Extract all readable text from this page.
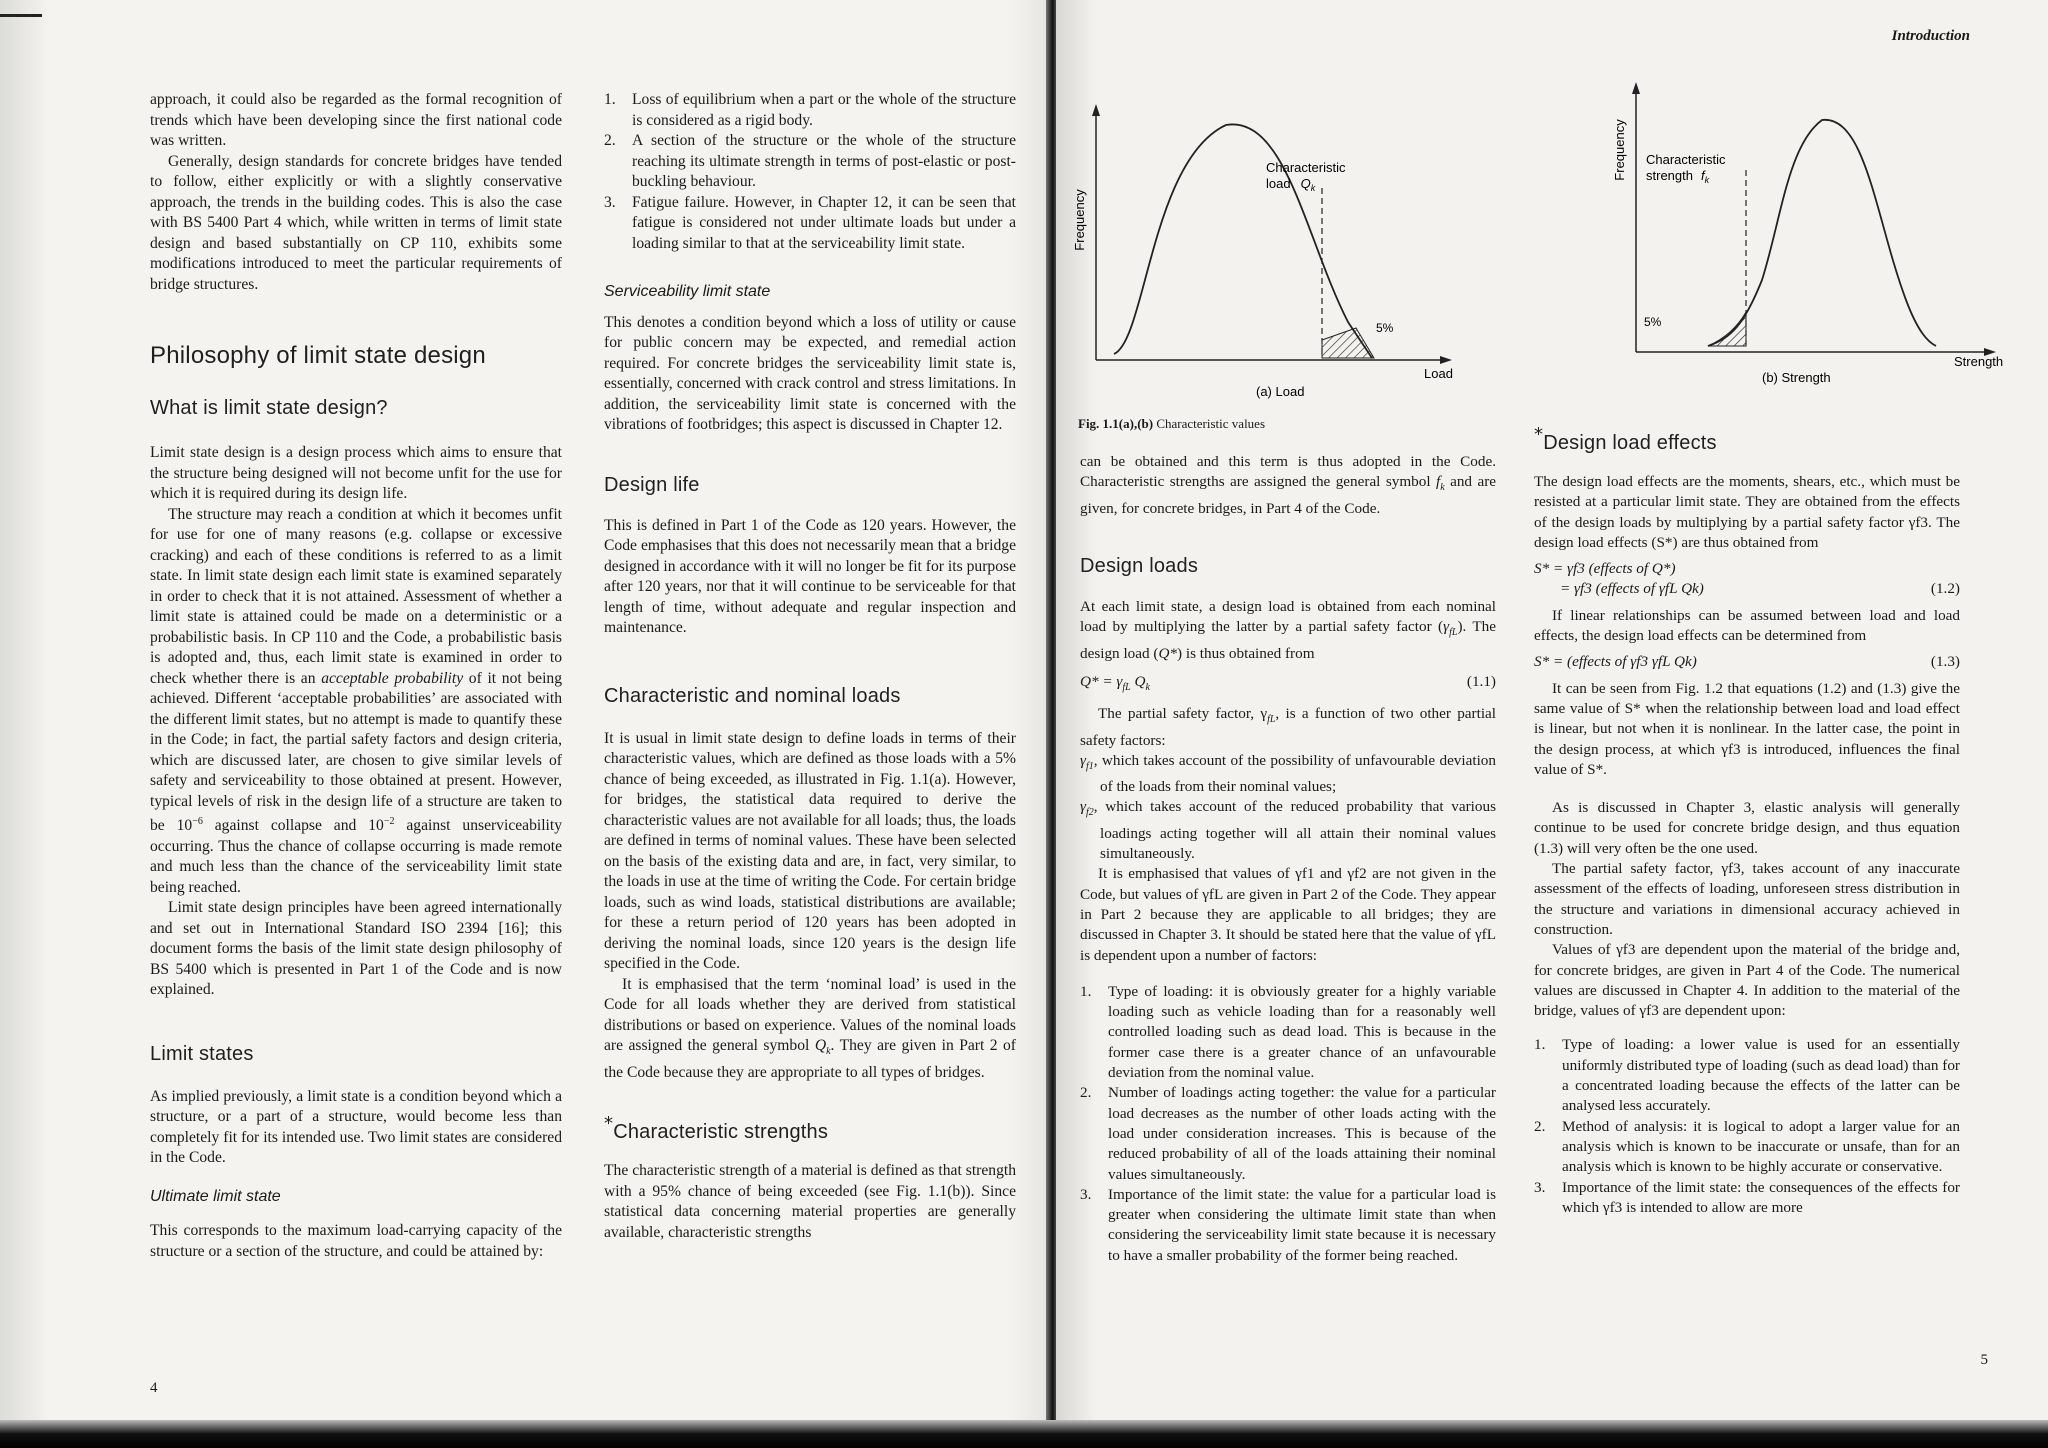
approach, it could also be regarded as the formal recognition of trends which have been developing since the first national code was written.

Generally, design standards for concrete bridges have tended to follow, either explicitly or with a slightly conservative approach, the trends in the building codes. This is also the case with BS 5400 Part 4 which, while written in terms of limit state design and based substantially on CP 110, exhibits some modifications introduced to meet the particular requirements of bridge structures.

Philosophy of limit state design
What is limit state design?

Limit state design is a design process which aims to ensure that the structure being designed will not become unfit for the use for which it is required during its design life.

The structure may reach a condition at which it becomes unfit for use for one of many reasons (e.g. collapse or excessive cracking) and each of these conditions is referred to as a limit state. In limit state design each limit state is examined separately in order to check that it is not attained. Assessment of whether a limit state is attained could be made on a deterministic or a probabilistic basis. In CP 110 and the Code, a probabilistic basis is adopted and, thus, each limit state is examined in order to check whether there is an acceptable probability of it not being achieved. Different ‘acceptable probabilities’ are associated with the different limit states, but no attempt is made to quantify these in the Code; in fact, the partial safety factors and design criteria, which are discussed later, are chosen to give similar levels of safety and serviceability to those obtained at present. However, typical levels of risk in the design life of a structure are taken to be $10^{-6}$ against collapse and $10^{-2}$ against unserviceability occurring. Thus the chance of collapse occurring is made remote and much less than the chance of the serviceability limit state being reached.

Limit state design principles have been agreed internationally and set out in International Standard ISO 2394 [16]; this document forms the basis of the limit state design philosophy of BS 5400 which is presented in Part 1 of the Code and is now explained.

Limit states

As implied previously, a limit state is a condition beyond which a structure, or a part of a structure, would become less than completely fit for its intended use. Two limit states are considered in the Code.

Ultimate limit state

This corresponds to the maximum load-carrying capacity of the structure or a section of the structure, and could be attained by:

1. Loss of equilibrium when a part or the whole of the structure is considered as a rigid body.
2. A section of the structure or the whole of the structure reaching its ultimate strength in terms of post-elastic or post-buckling behaviour.
3. Fatigue failure. However, in Chapter 12, it can be seen that fatigue is considered not under ultimate loads but under a loading similar to that at the serviceability limit state.
Serviceability limit state

This denotes a condition beyond which a loss of utility or cause for public concern may be expected, and remedial action required. For concrete bridges the serviceability limit state is, essentially, concerned with crack control and stress limitations. In addition, the serviceability limit state is concerned with the vibrations of footbridges; this aspect is discussed in Chapter 12.

Design life

This is defined in Part 1 of the Code as 120 years. However, the Code emphasises that this does not necessarily mean that a bridge designed in accordance with it will no longer be fit for its purpose after 120 years, nor that it will continue to be serviceable for that length of time, without adequate and regular inspection and maintenance.

Characteristic and nominal loads

It is usual in limit state design to define loads in terms of their characteristic values, which are defined as those loads with a 5% chance of being exceeded, as illustrated in Fig. 1.1(a). However, for bridges, the statistical data required to derive the characteristic values are not available for all loads; thus, the loads are defined in terms of nominal values. These have been selected on the basis of the existing data and are, in fact, very similar, to the loads in use at the time of writing the Code. For certain bridge loads, such as wind loads, statistical distributions are available; for these a return period of 120 years has been adopted in deriving the nominal loads, since 120 years is the design life specified in the Code.

It is emphasised that the term ‘nominal load’ is used in the Code for all loads whether they are derived from statistical distributions or based on experience. Values of the nominal loads are assigned the general symbol $Q_k$. They are given in Part 2 of the Code because they are appropriate to all types of bridges.

*Characteristic strengths

The characteristic strength of a material is defined as that strength with a 95% chance of being exceeded (see Fig. 1.1(b)). Since statistical data concerning material properties are generally available, characteristic strengths

4
Introduction
Frequency
Characteristic
load $Q_k$
5%
Load
(a) Load
Frequency Characteristic
strength $f_k$
5%
Strength
(b) Strength
Fig. 1.1(a),(b) Characteristic values

can be obtained and this term is thus adopted in the Code. Characteristic strengths are assigned the general symbol $f_k$ and are given, for concrete bridges, in Part 4 of the Code.

Design loads

At each limit state, a design load is obtained from each nominal load by multiplying the latter by a partial safety factor $(\gamma_{fL})$. The design load (Q*) is thus obtained from

$Q* = \gamma_{fL}$ $Q_k$	(1.1)

The partial safety factor, $\gamma_{fL}$, is a function of two other partial safety factors:

$\gamma_{f1}$, which takes account of the possibility of unfavourable deviation of the loads from their nominal values;

$\gamma_{f2}$, which takes account of the reduced probability that various loadings acting together will all attain their nominal values simultaneously.

It is emphasised that values of γf1 and γf2 are not given in the Code, but values of γfL are given in Part 2 of the Code. They appear in Part 2 because they are applicable to all bridges; they are discussed in Chapter 3. It should be stated here that the value of γfL is dependent upon a number of factors:

1. Type of loading: it is obviously greater for a highly variable loading such as vehicle loading than for a reasonably well controlled loading such as dead load. This is because in the former case there is a greater chance of an unfavourable deviation from the nominal value.
2. Number of loadings acting together: the value for a particular load decreases as the number of other loads acting with the load under consideration increases. This is because of the reduced probability of all of the loads attaining their nominal values simultaneously.
3. Importance of the limit state: the value for a particular load is greater when considering the ultimate limit state than when considering the serviceability limit state because it is necessary to have a smaller probability of the former being reached.
*Design load effects

The design load effects are the moments, shears, etc., which must be resisted at a particular limit state. They are obtained from the effects of the design loads by multiplying by a partial safety factor γf3. The design load effects (S*) are thus obtained from

S* = γf3 (effects of Q*)
= γf3 (effects of γfL Qk)	(1.2)

If linear relationships can be assumed between load and load effects, the design load effects can be determined from

S* = (effects of γf3 γfL Qk)	(1.3)

It can be seen from Fig. 1.2 that equations (1.2) and (1.3) give the same value of S* when the relationship between load and load effect is linear, but not when it is nonlinear. In the latter case, the point in the design process, at which γf3 is introduced, influences the final value of S*.

As is discussed in Chapter 3, elastic analysis will generally continue to be used for concrete bridge design, and thus equation (1.3) will very often be the one used.

The partial safety factor, γf3, takes account of any inaccurate assessment of the effects of loading, unforeseen stress distribution in the structure and variations in dimensional accuracy achieved in construction.

Values of γf3 are dependent upon the material of the bridge and, for concrete bridges, are given in Part 4 of the Code. The numerical values are discussed in Chapter 4. In addition to the material of the bridge, values of γf3 are dependent upon:

1. Type of loading: a lower value is used for an essentially uniformly distributed type of loading (such as dead load) than for a concentrated loading because the effects of the latter can be analysed less accurately.
2. Method of analysis: it is logical to adopt a larger value for an analysis which is known to be inaccurate or unsafe, than for an analysis which is known to be highly accurate or conservative.
3. Importance of the limit state: the consequences of the effects for which γf3 is intended to allow are more
5
